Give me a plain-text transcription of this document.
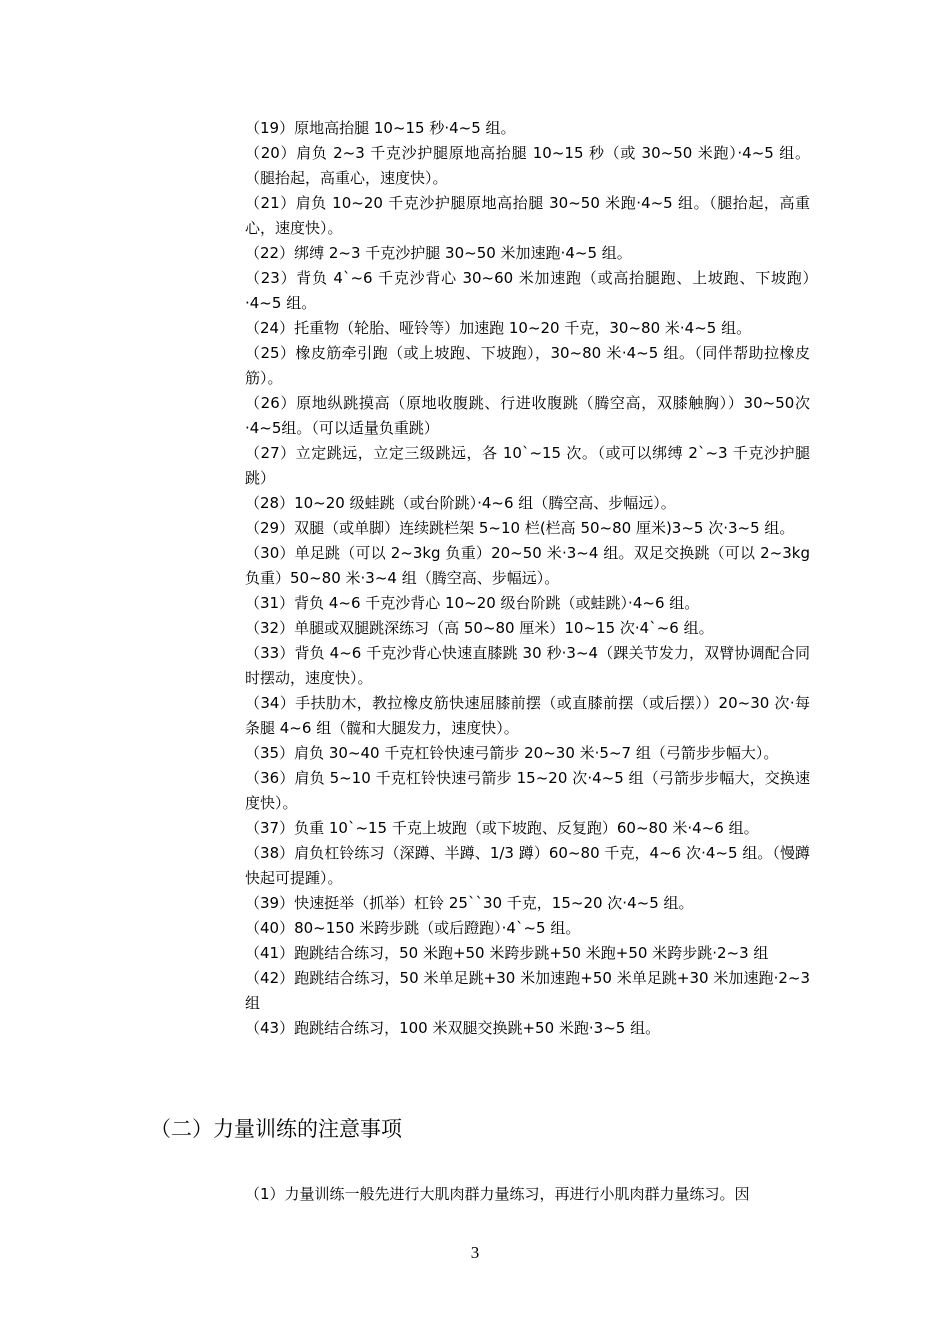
（19）原地高抬腿 10~15 秒·4~5 组。

（20）肩负 2~3 千克沙护腿原地高抬腿 10~15 秒（或 30~50 米跑）·4~5 组。（腿抬起，高重心，速度快）。

（21）肩负 10~20 千克沙护腿原地高抬腿 30~50 米跑·4~5 组。（腿抬起，高重心，速度快）。

（22）绑缚 2~3 千克沙护腿 30~50 米加速跑·4~5 组。

（23）背负 4`~6 千克沙背心 30~60 米加速跑（或高抬腿跑、上坡跑、下坡跑）·4~5 组。

（24）托重物（轮胎、哑铃等）加速跑 10~20 千克，30~80 米·4~5 组。

（25）橡皮筋牵引跑（或上坡跑、下坡跑），30~80 米·4~5 组。（同伴帮助拉橡皮筋）。

（26）原地纵跳摸高（原地收腹跳、行进收腹跳（腾空高，双膝触胸））30~50次·4~5组。（可以适量负重跳）

（27）立定跳远，立定三级跳远，各 10`~15 次。（或可以绑缚 2`~3 千克沙护腿跳）

（28）10~20 级蛙跳（或台阶跳）·4~6 组（腾空高、步幅远）。

（29）双腿（或单脚）连续跳栏架 5~10 栏(栏高 50~80 厘米)3~5 次·3~5 组。

（30）单足跳（可以 2~3kg 负重）20~50 米·3~4 组。双足交换跳（可以 2~3kg负重）50~80 米·3~4 组（腾空高、步幅远）。

（31）背负 4~6 千克沙背心 10~20 级台阶跳（或蛙跳）·4~6 组。

（32）单腿或双腿跳深练习（高 50~80 厘米）10~15 次·4`~6 组。

（33）背负 4~6 千克沙背心快速直膝跳 30 秒·3~4（踝关节发力，双臂协调配合同时摆动，速度快）。

（34）手扶肋木，教拉橡皮筋快速屈膝前摆（或直膝前摆（或后摆））20~30 次·每条腿 4~6 组（髋和大腿发力，速度快）。

（35）肩负 30~40 千克杠铃快速弓箭步 20~30 米·5~7 组（弓箭步步幅大）。

（36）肩负 5~10 千克杠铃快速弓箭步 15~20 次·4~5 组（弓箭步步幅大，交换速度快）。

（37）负重 10`~15 千克上坡跑（或下坡跑、反复跑）60~80 米·4~6 组。

（38）肩负杠铃练习（深蹲、半蹲、1/3 蹲）60~80 千克，4~6 次·4~5 组。（慢蹲快起可提踵）。

（39）快速挺举（抓举）杠铃 25``30 千克，15~20 次·4~5 组。

（40）80~150 米跨步跳（或后蹬跑）·4`~5 组。

（41）跑跳结合练习，50 米跑+50 米跨步跳+50 米跑+50 米跨步跳·2~3 组

（42）跑跳结合练习，50 米单足跳+30 米加速跑+50 米单足跳+30 米加速跑·2~3 组

（43）跑跳结合练习，100 米双腿交换跳+50 米跑·3~5 组。

（二）力量训练的注意事项

（1）力量训练一般先进行大肌肉群力量练习，再进行小肌肉群力量练习。因

3
